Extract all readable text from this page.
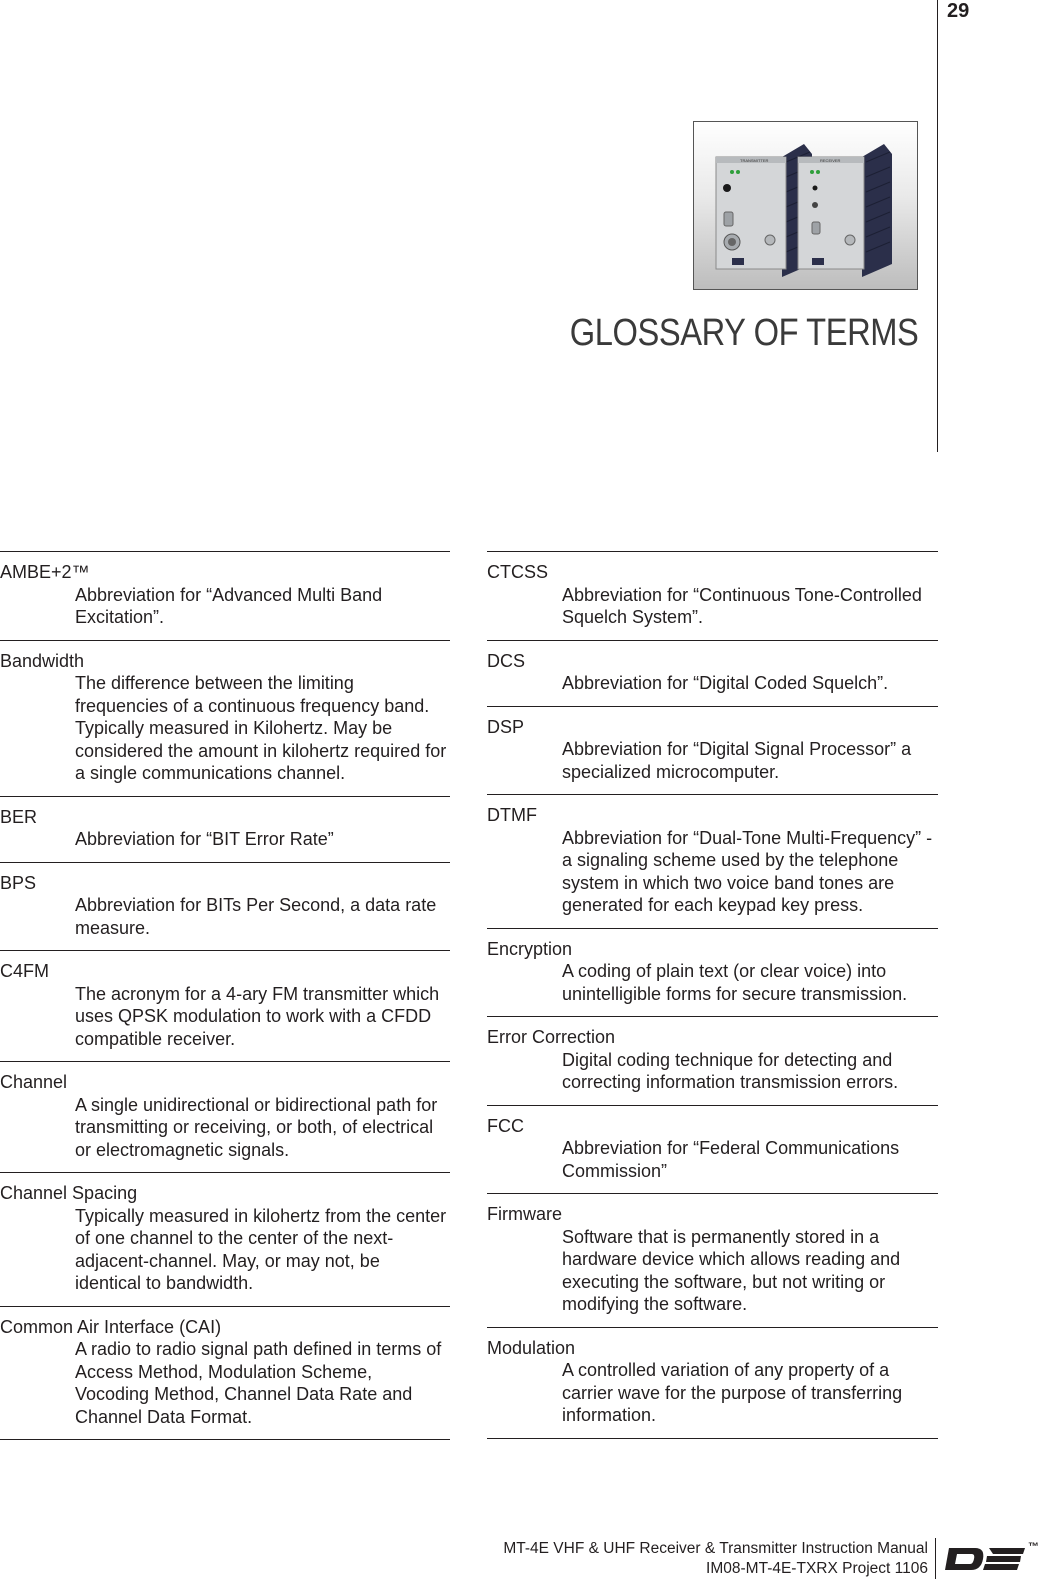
29
TRANSMITTER	RECEIVER
GLOSSARY OF TERMS
AMBE+2™
Abbreviation for “Advanced Multi Band Excitation”.
Bandwidth
The difference between the limiting frequencies of a continuous frequency band. Typically measured in Kilohertz. May be considered the amount in kilohertz required for a single communications channel.
BER
Abbreviation for “BIT Error Rate”
BPS
Abbreviation for BITs Per Second, a data rate measure.
C4FM
The acronym for a 4-ary FM transmitter which uses QPSK modulation to work with a CFDD compatible receiver.
Channel
A single unidirectional or bidirectional path for transmitting or receiving, or both, of electrical or electromagnetic signals.
Channel Spacing
Typically measured in kilohertz from the center of one channel to the center of the next-adjacent-channel. May, or may not, be identical to bandwidth.
Common Air Interface (CAI)
A radio to radio signal path defined in terms of Access Method, Modulation Scheme, Vocoding Method, Channel Data Rate and Channel Data Format.
CTCSS
Abbreviation for “Continuous Tone-Controlled Squelch System”.
DCS
Abbreviation for “Digital Coded Squelch”.
DSP
Abbreviation for “Digital Signal Processor” a specialized microcomputer.
DTMF
Abbreviation for “Dual-Tone Multi-Frequency” - a signaling scheme used by the telephone system in which two voice band tones are generated for each keypad key press.
Encryption
A coding of plain text (or clear voice) into unintelligible forms for secure transmission.
Error Correction
Digital coding technique for detecting and correcting information transmission errors.
FCC
Abbreviation for “Federal Communications Commission”
Firmware
Software that is permanently stored in a hardware device which allows reading and executing the software, but not writing or modifying the software.
Modulation
A controlled variation of any property of a carrier wave for the purpose of transferring information.
MT-4E VHF & UHF Receiver & Transmitter Instruction Manual
IM08-MT-4E-TXRX Project 1106
™
